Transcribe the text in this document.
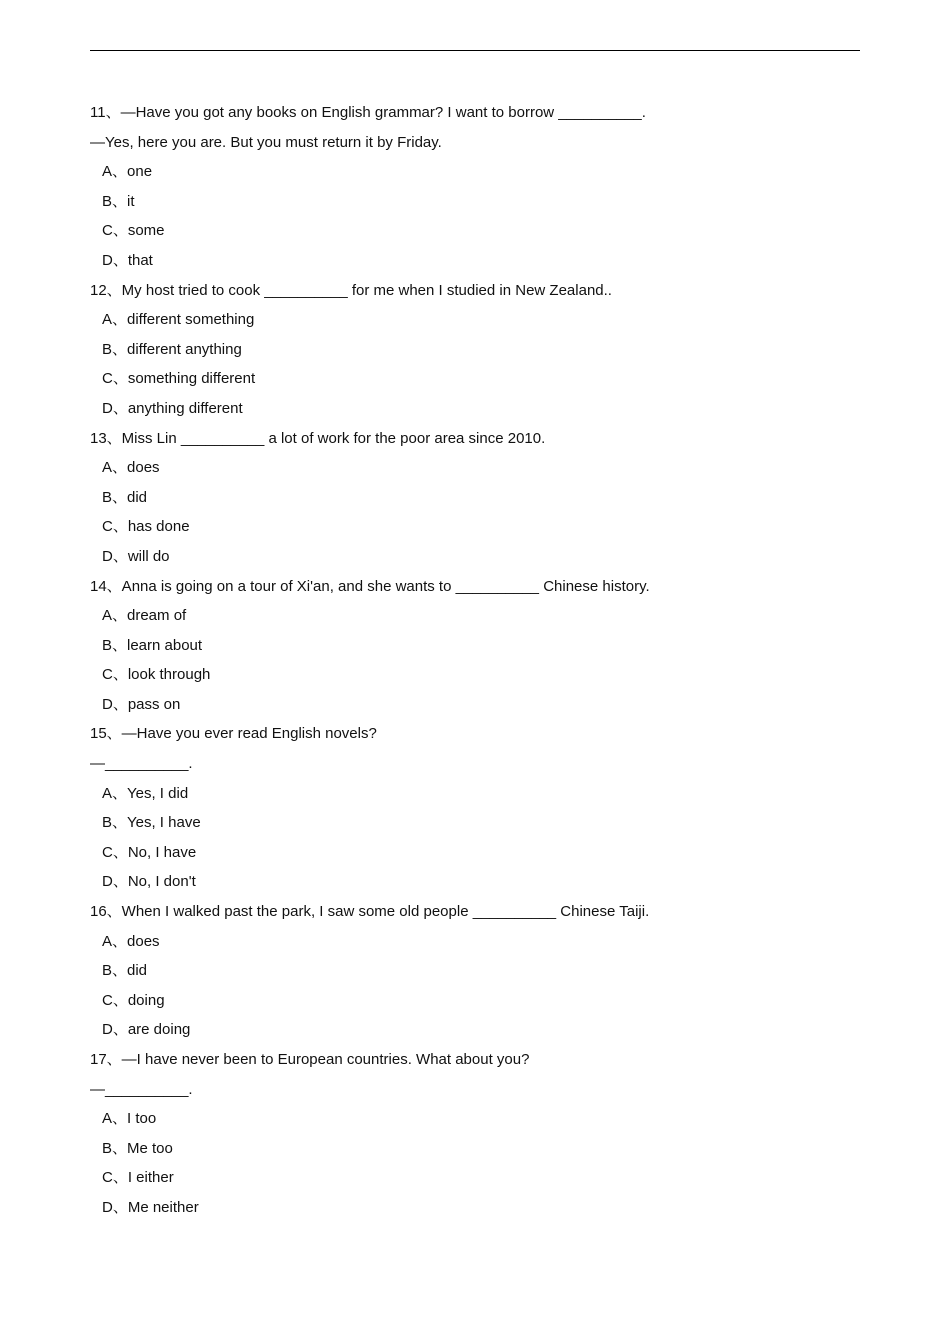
11、—Have you got any books on English grammar? I want to borrow __________.
—Yes, here you are. But you must return it by Friday.
A、one
B、it
C、some
D、that
12、My host tried to cook __________ for me when I studied in New Zealand..
A、different something
B、different anything
C、something different
D、anything different
13、Miss Lin __________ a lot of work for the poor area since 2010.
A、does
B、did
C、has done
D、will do
14、Anna is going on a tour of Xi'an, and she wants to __________ Chinese history.
A、dream of
B、learn about
C、look through
D、pass on
15、—Have you ever read English novels?
—__________.
A、Yes, I did
B、Yes, I have
C、No, I have
D、No, I don't
16、When I walked past the park, I saw some old people __________ Chinese Taiji.
A、does
B、did
C、doing
D、are doing
17、—I have never been to European countries. What about you?
—__________.
A、I too
B、Me too
C、I either
D、Me neither
